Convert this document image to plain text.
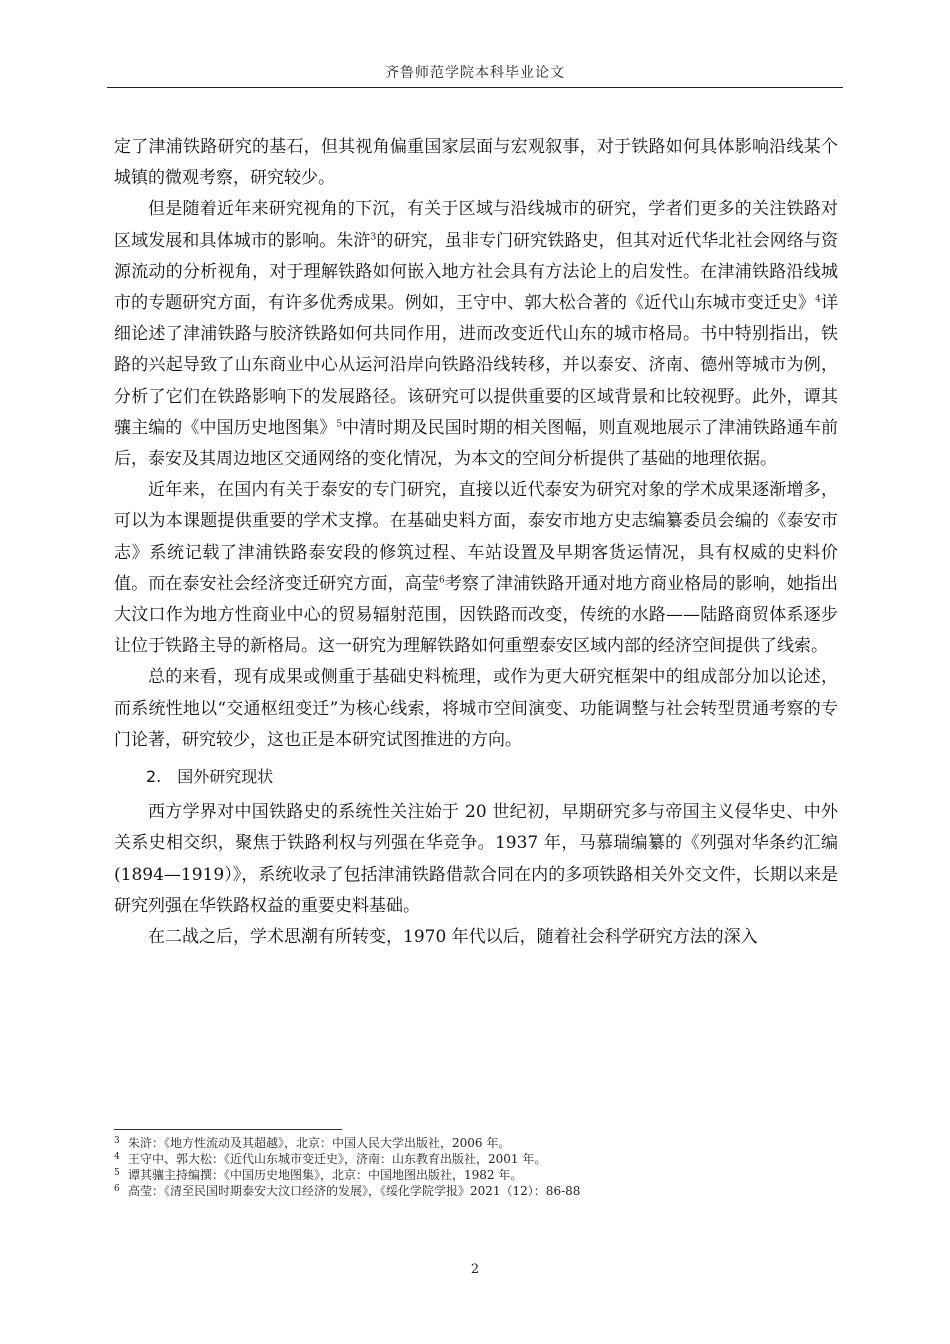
齐鲁师范学院本科毕业论文

定了津浦铁路研究的基石，但其视角偏重国家层面与宏观叙事，对于铁路如何具体影响沿线某个城镇的微观考察，研究较少。

但是随着近年来研究视角的下沉，有关于区域与沿线城市的研究，学者们更多的关注铁路对区域发展和具体城市的影响。朱浒$^3$的研究，虽非专门研究铁路史，但其对近代华北社会网络与资源流动的分析视角，对于理解铁路如何嵌入地方社会具有方法论上的启发性。在津浦铁路沿线城市的专题研究方面，有许多优秀成果。例如，王守中、郭大松合著的《近代山东城市变迁史》$^4$详细论述了津浦铁路与胶济铁路如何共同作用，进而改变近代山东的城市格局。书中特别指出，铁路的兴起导致了山东商业中心从运河沿岸向铁路沿线转移，并以泰安、济南、德州等城市为例，分析了它们在铁路影响下的发展路径。该研究可以提供重要的区域背景和比较视野。此外，谭其骧主编的《中国历史地图集》$^5$中清时期及民国时期的相关图幅，则直观地展示了津浦铁路通车前后，泰安及其周边地区交通网络的变化情况，为本文的空间分析提供了基础的地理依据。

近年来，在国内有关于泰安的专门研究，直接以近代泰安为研究对象的学术成果逐渐增多，可以为本课题提供重要的学术支撑。在基础史料方面，泰安市地方史志编纂委员会编的《泰安市志》系统记载了津浦铁路泰安段的修筑过程、车站设置及早期客货运情况，具有权威的史料价值。而在泰安社会经济变迁研究方面，高莹$^6$考察了津浦铁路开通对地方商业格局的影响，她指出大汶口作为地方性商业中心的贸易辐射范围，因铁路而改变，传统的水路——陆路商贸体系逐步让位于铁路主导的新格局。这一研究为理解铁路如何重塑泰安区域内部的经济空间提供了线索。

总的来看，现有成果或侧重于基础史料梳理，或作为更大研究框架中的组成部分加以论述，而系统性地以“交通枢纽变迁”为核心线索，将城市空间演变、功能调整与社会转型贯通考察的专门论著，研究较少，这也正是本研究试图推进的方向。

2. 国外研究现状

西方学界对中国铁路史的系统性关注始于 20 世纪初，早期研究多与帝国主义侵华史、中外关系史相交织，聚焦于铁路利权与列强在华竞争。1937 年，马慕瑞编纂的《列强对华条约汇编(1894—1919）》，系统收录了包括津浦铁路借款合同在内的多项铁路相关外交文件，长期以来是研究列强在华铁路权益的重要史料基础。

在二战之后，学术思潮有所转变，1970 年代以后，随着社会科学研究方法的深入

3 朱浒：《地方性流动及其超越》，北京：中国人民大学出版社，2006 年。
4 王守中、郭大松：《近代山东城市变迁史》，济南：山东教育出版社，2001 年。
5 谭其骧主持编撰：《中国历史地图集》，北京：中国地图出版社，1982 年。
6 高莹：《清至民国时期泰安大汶口经济的发展》，《绥化学院学报》2021（12）：86-88
2
